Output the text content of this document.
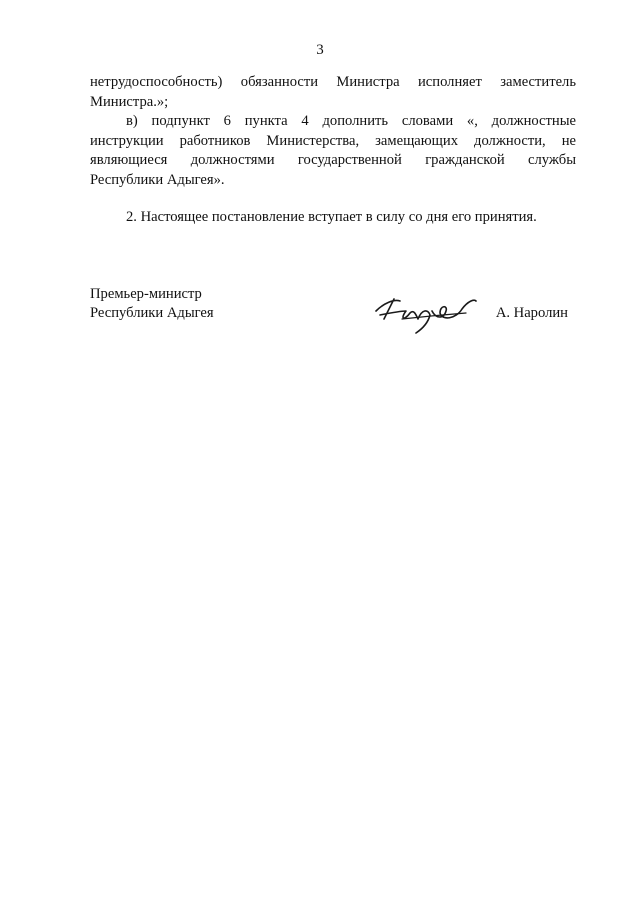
3

нетрудоспособность) обязанности Министра исполняет заместитель
Министра.»;

в) подпункт 6 пункта 4 дополнить словами «, должностные
инструкции работников Министерства, замещающих должности, не
являющиеся должностями государственной гражданской службы
Республики Адыгея».

2. Настоящее постановление вступает в силу со дня его принятия.

Премьер-министр
Республики Адыгея	А. Наролин
